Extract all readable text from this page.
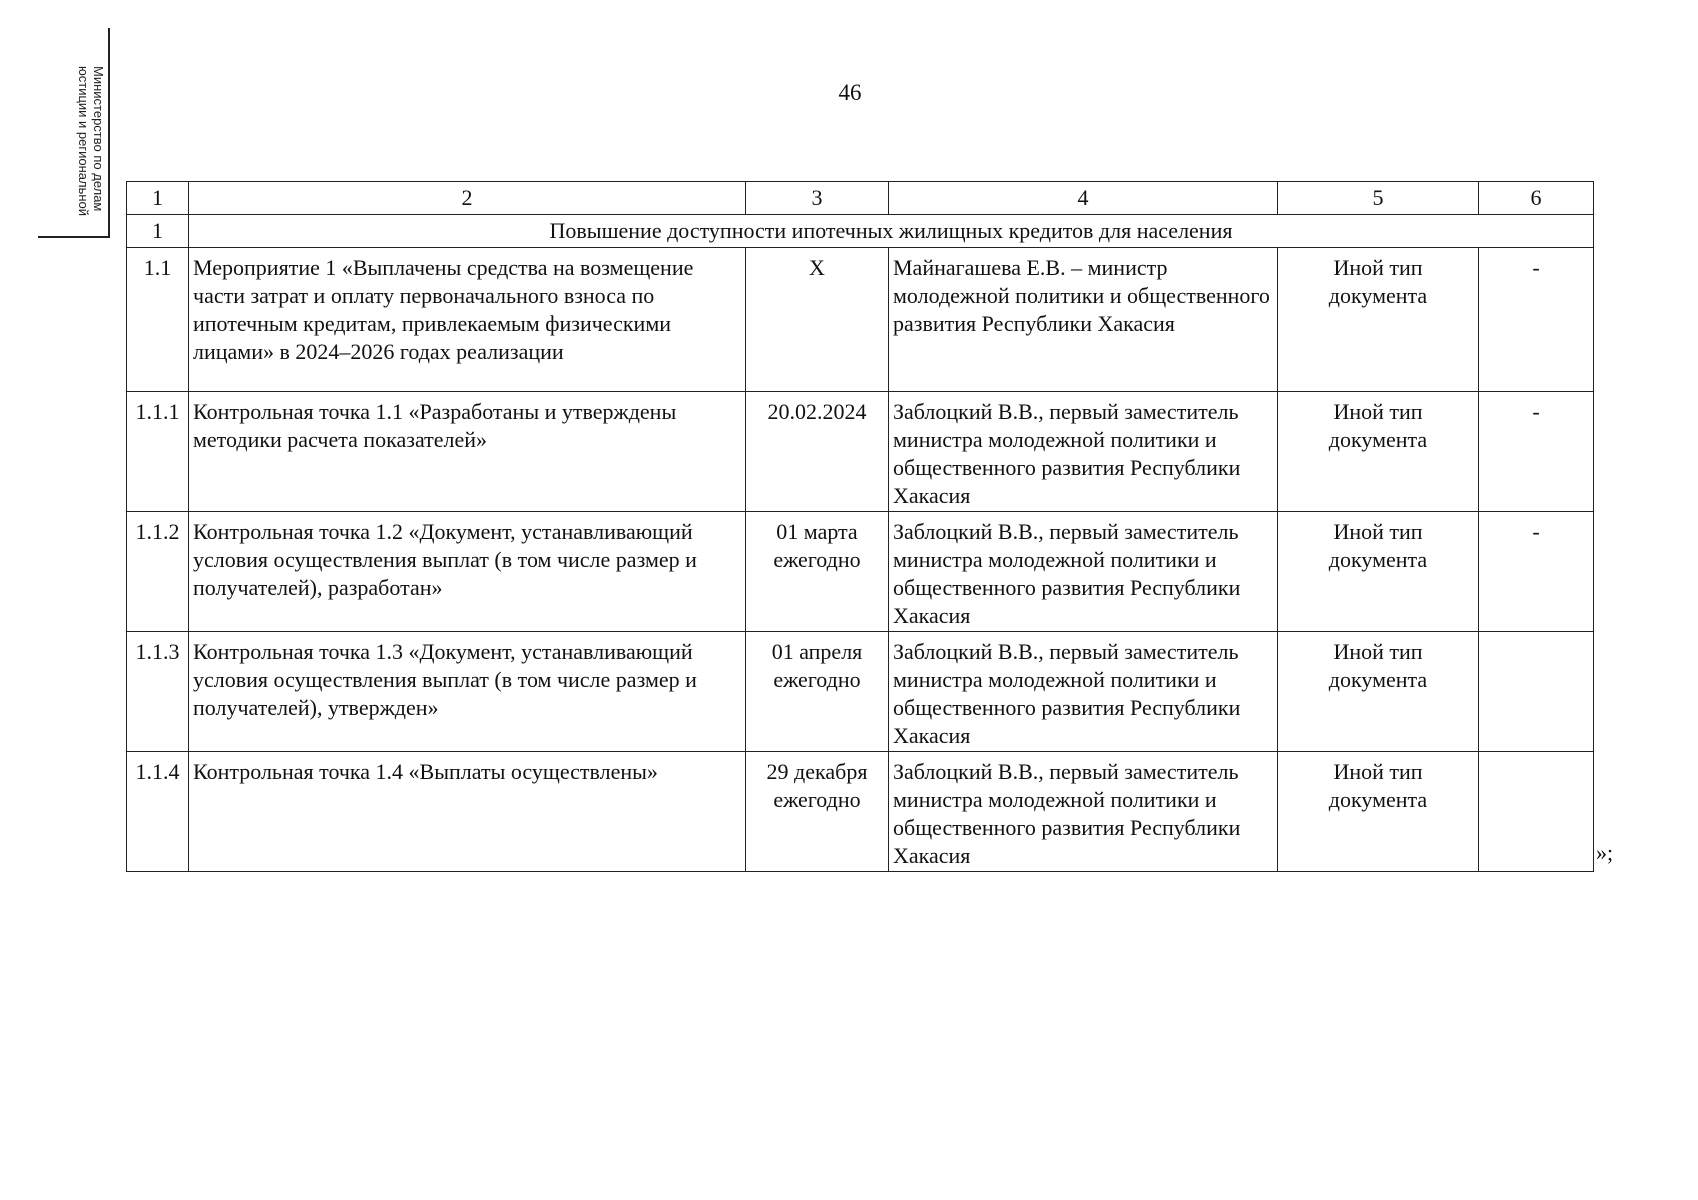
Министерство по делам
юстиции и региональной	46
1	2	3	4	5	6
1	Повышение доступности ипотечных жилищных кредитов для населения				
1.1	Мероприятие 1 «Выплачены средства на возмещение части затрат и оплату первоначального взноса по ипотечным кредитам, привлекаемым физическими лицами» в 2024–2026 годах реализации	X	Майнагашева Е.В. – министр молодежной политики и общественного развития Республики Хакасия	Иной тип документа	-
1.1.1	Контрольная точка 1.1 «Разработаны и утверждены методики расчета показателей»	20.02.2024	Заблоцкий В.В., первый заместитель министра молодежной политики и общественного развития Республики Хакасия	Иной тип документа	-
1.1.2	Контрольная точка 1.2 «Документ, устанавливающий условия осуществления выплат (в том числе размер и получателей), разработан»	01 марта ежегодно	Заблоцкий В.В., первый заместитель министра молодежной политики и общественного развития Республики Хакасия	Иной тип документа	-
1.1.3	Контрольная точка 1.3 «Документ, устанавливающий условия осуществления выплат (в том числе размер и получателей), утвержден»	01 апреля ежегодно	Заблоцкий В.В., первый заместитель министра молодежной политики и общественного развития Республики Хакасия	Иной тип документа	
1.1.4	Контрольная точка 1.4 «Выплаты осуществлены»	29 декабря ежегодно	Заблоцкий В.В., первый заместитель министра молодежной политики и общественного развития Республики Хакасия	Иной тип документа	
»;
